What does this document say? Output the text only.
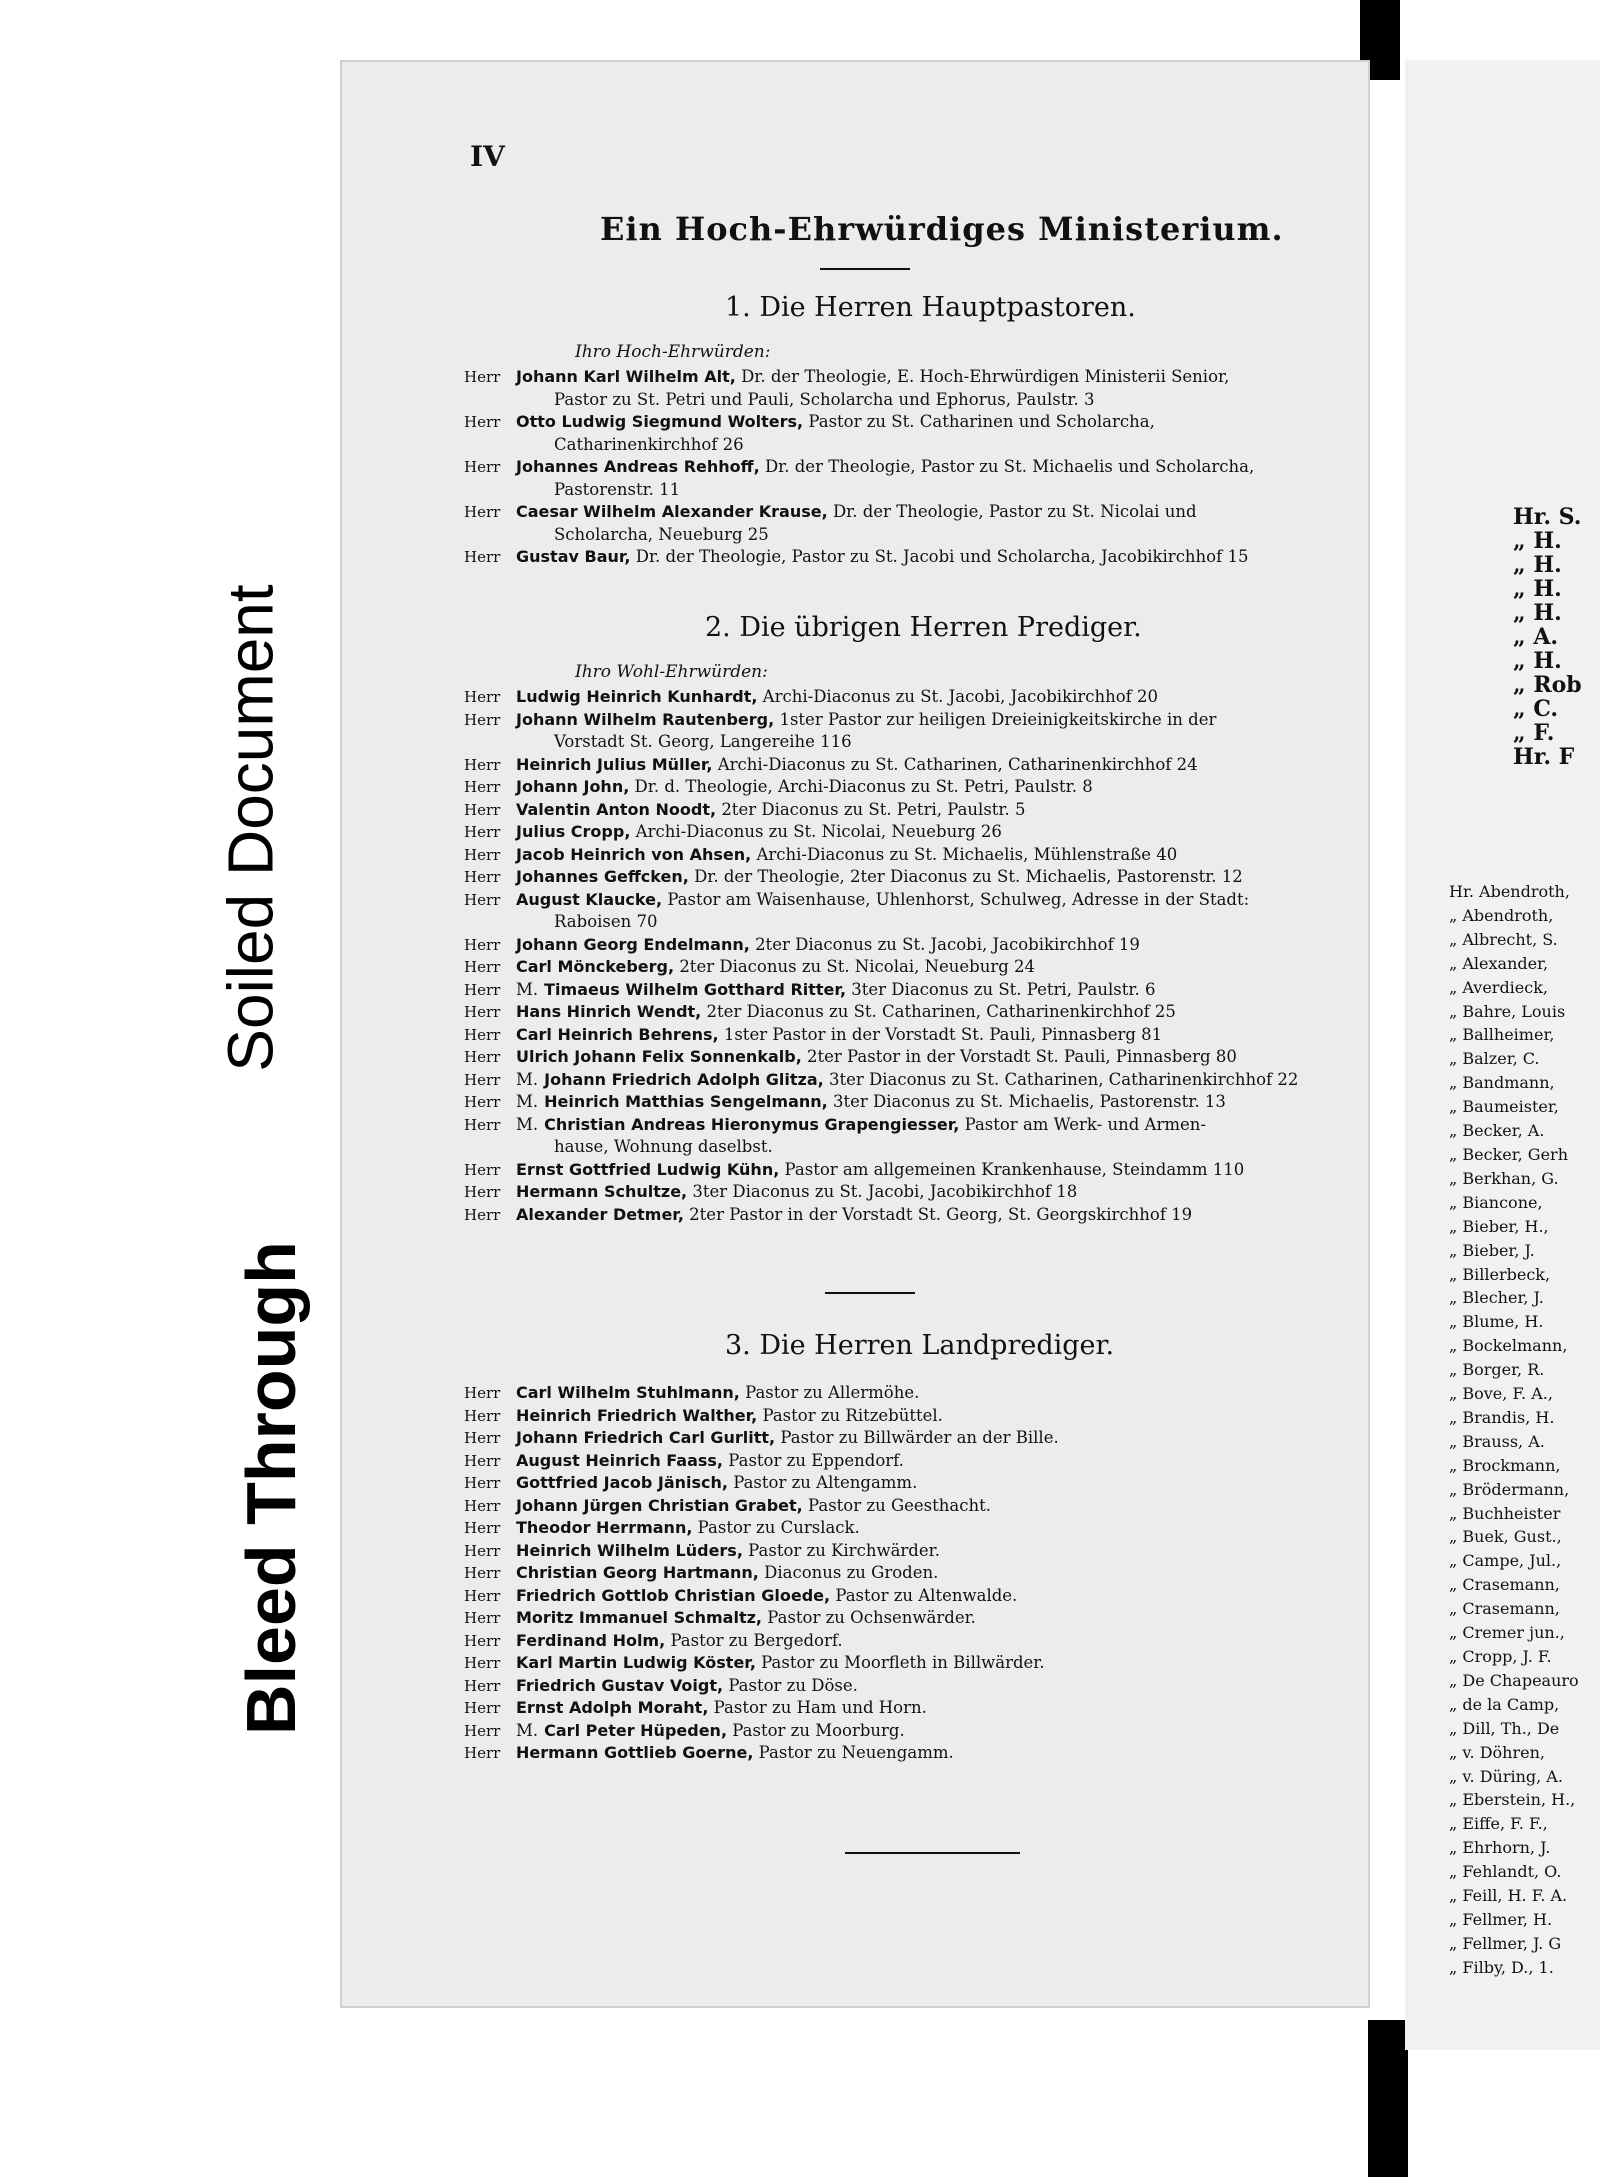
Soiled Document
Bleed Through
IV
Ein Hoch-Ehrwürdiges Ministerium.
1. Die Herren Hauptpastoren.
Ihro Hoch-Ehrwürden:
Herr Johann Karl Wilhelm Alt, Dr. der Theologie, E. Hoch-Ehrwürdigen Ministerii Senior,
Pastor zu St. Petri und Pauli, Scholarcha und Ephorus, Paulstr. 3
Herr Otto Ludwig Siegmund Wolters, Pastor zu St. Catharinen und Scholarcha,
Catharinenkirchhof 26
Herr Johannes Andreas Rehhoff, Dr. der Theologie, Pastor zu St. Michaelis und Scholarcha,
Pastorenstr. 11
Herr Caesar Wilhelm Alexander Krause, Dr. der Theologie, Pastor zu St. Nicolai und
Scholarcha, Neueburg 25
Herr Gustav Baur, Dr. der Theologie, Pastor zu St. Jacobi und Scholarcha, Jacobikirchhof 15
2. Die übrigen Herren Prediger.
Ihro Wohl-Ehrwürden:
Herr Ludwig Heinrich Kunhardt, Archi-Diaconus zu St. Jacobi, Jacobikirchhof 20
Herr Johann Wilhelm Rautenberg, 1ster Pastor zur heiligen Dreieinigkeitskirche in der
Vorstadt St. Georg, Langereihe 116
Herr Heinrich Julius Müller, Archi-Diaconus zu St. Catharinen, Catharinenkirchhof 24
Herr Johann John, Dr. d. Theologie, Archi-Diaconus zu St. Petri, Paulstr. 8
Herr Valentin Anton Noodt, 2ter Diaconus zu St. Petri, Paulstr. 5
Herr Julius Cropp, Archi-Diaconus zu St. Nicolai, Neueburg 26
Herr Jacob Heinrich von Ahsen, Archi-Diaconus zu St. Michaelis, Mühlenstraße 40
Herr Johannes Geffcken, Dr. der Theologie, 2ter Diaconus zu St. Michaelis, Pastorenstr. 12
Herr August Klaucke, Pastor am Waisenhause, Uhlenhorst, Schulweg, Adresse in der Stadt:
Raboisen 70
Herr Johann Georg Endelmann, 2ter Diaconus zu St. Jacobi, Jacobikirchhof 19
Herr Carl Mönckeberg, 2ter Diaconus zu St. Nicolai, Neueburg 24
Herr M. Timaeus Wilhelm Gotthard Ritter, 3ter Diaconus zu St. Petri, Paulstr. 6
Herr Hans Hinrich Wendt, 2ter Diaconus zu St. Catharinen, Catharinenkirchhof 25
Herr Carl Heinrich Behrens, 1ster Pastor in der Vorstadt St. Pauli, Pinnasberg 81
Herr Ulrich Johann Felix Sonnenkalb, 2ter Pastor in der Vorstadt St. Pauli, Pinnasberg 80
Herr M. Johann Friedrich Adolph Glitza, 3ter Diaconus zu St. Catharinen, Catharinenkirchhof 22
Herr M. Heinrich Matthias Sengelmann, 3ter Diaconus zu St. Michaelis, Pastorenstr. 13
Herr M. Christian Andreas Hieronymus Grapengiesser, Pastor am Werk- und Armen-
hause, Wohnung daselbst.
Herr Ernst Gottfried Ludwig Kühn, Pastor am allgemeinen Krankenhause, Steindamm 110
Herr Hermann Schultze, 3ter Diaconus zu St. Jacobi, Jacobikirchhof 18
Herr Alexander Detmer, 2ter Pastor in der Vorstadt St. Georg, St. Georgskirchhof 19
3. Die Herren Landprediger.
Herr Carl Wilhelm Stuhlmann, Pastor zu Allermöhe.
Herr Heinrich Friedrich Walther, Pastor zu Ritzebüttel.
Herr Johann Friedrich Carl Gurlitt, Pastor zu Billwärder an der Bille.
Herr August Heinrich Faass, Pastor zu Eppendorf.
Herr Gottfried Jacob Jänisch, Pastor zu Altengamm.
Herr Johann Jürgen Christian Grabet, Pastor zu Geesthacht.
Herr Theodor Herrmann, Pastor zu Curslack.
Herr Heinrich Wilhelm Lüders, Pastor zu Kirchwärder.
Herr Christian Georg Hartmann, Diaconus zu Groden.
Herr Friedrich Gottlob Christian Gloede, Pastor zu Altenwalde.
Herr Moritz Immanuel Schmaltz, Pastor zu Ochsenwärder.
Herr Ferdinand Holm, Pastor zu Bergedorf.
Herr Karl Martin Ludwig Köster, Pastor zu Moorfleth in Billwärder.
Herr Friedrich Gustav Voigt, Pastor zu Döse.
Herr Ernst Adolph Moraht, Pastor zu Ham und Horn.
Herr M. Carl Peter Hüpeden, Pastor zu Moorburg.
Herr Hermann Gottlieb Goerne, Pastor zu Neuengamm.
Hr. S.
„ H.
„ H.
„ H.
„ H.
„ A.
„ H.
„ Rob
„ C.
„ F.
Hr. F
Hr. Abendroth,
„ Abendroth,
„ Albrecht, S.
„ Alexander,
„ Averdieck,
„ Bahre, Louis
„ Ballheimer,
„ Balzer, C.
„ Bandmann,
„ Baumeister,
„ Becker, A.
„ Becker, Gerh
„ Berkhan, G.
„ Biancone,
„ Bieber, H.,
„ Bieber, J.
„ Billerbeck,
„ Blecher, J.
„ Blume, H.
„ Bockelmann,
„ Borger, R.
„ Bove, F. A.,
„ Brandis, H.
„ Brauss, A.
„ Brockmann,
„ Brödermann,
„ Buchheister
„ Buek, Gust.,
„ Campe, Jul.,
„ Crasemann,
„ Crasemann,
„ Cremer jun.,
„ Cropp, J. F.
„ De Chapeauro
„ de la Camp,
„ Dill, Th., De
„ v. Döhren,
„ v. Düring, A.
„ Eberstein, H.,
„ Eiffe, F. F.,
„ Ehrhorn, J.
„ Fehlandt, O.
„ Feill, H. F. A.
„ Fellmer, H.
„ Fellmer, J. G
„ Filby, D., 1.
